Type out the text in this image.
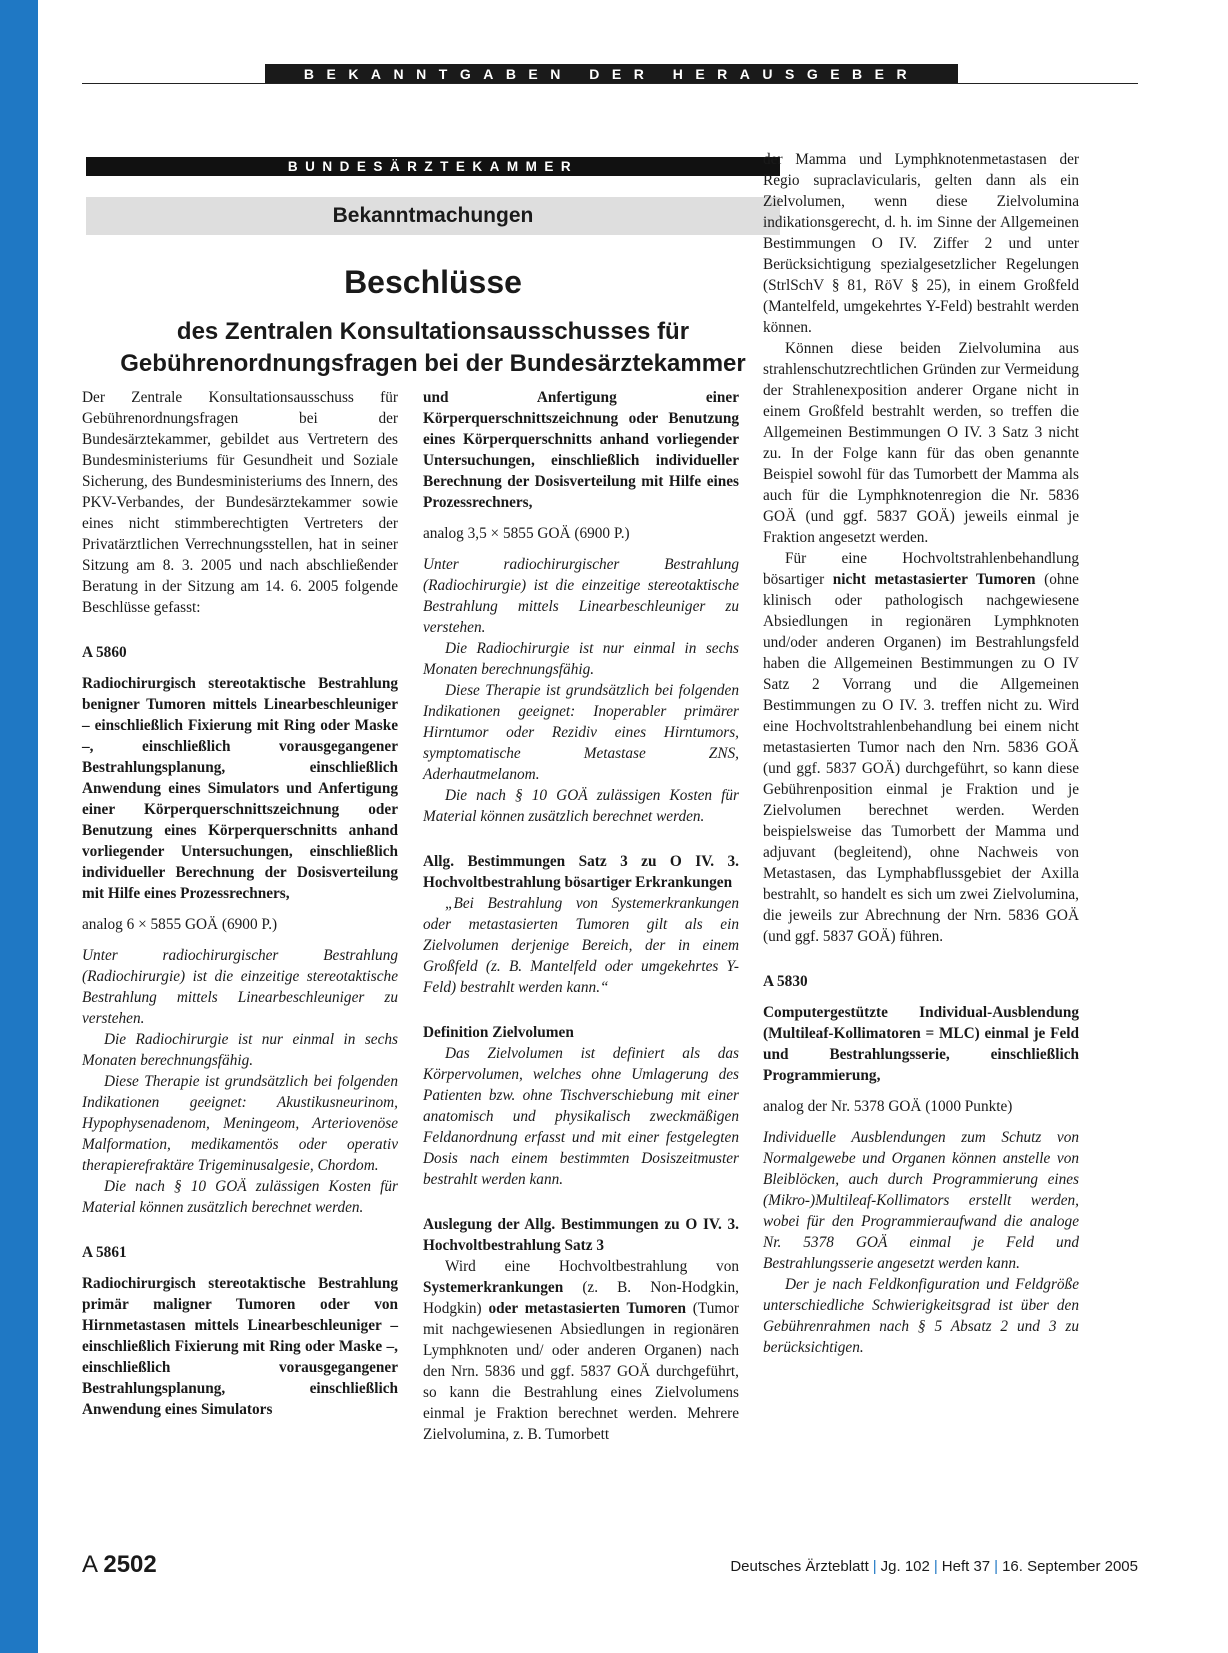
BEKANNTGABEN DER HERAUSGEBER
BUNDESÄRZTEKAMMER
Bekanntmachungen
Beschlüsse
des Zentralen Konsultationsausschusses für
Gebührenordnungsfragen bei der Bundesärztekammer

Der Zentrale Konsultationsausschuss für Gebührenordnungsfragen bei der Bundesärztekammer, gebildet aus Vertretern des Bundesministeriums für Gesundheit und Soziale Sicherung, des Bundesministeriums des Innern, des PKV-Verbandes, der Bundesärztekammer sowie eines nicht stimmberechtigten Vertreters der Privatärztlichen Verrechnungsstellen, hat in seiner Sitzung am 8. 3. 2005 und nach abschließender Beratung in der Sitzung am 14. 6. 2005 folgende Beschlüsse gefasst:

A 5860

Radiochirurgisch stereotaktische Bestrahlung benigner Tumoren mittels Linearbeschleuniger – einschließlich Fixierung mit Ring oder Maske –, einschließlich vorausgegangener Bestrahlungsplanung, einschließlich Anwendung eines Simulators und Anfertigung einer Körperquerschnittszeichnung oder Benutzung eines Körperquerschnitts anhand vorliegender Untersuchungen, einschließlich individueller Berechnung der Dosisverteilung mit Hilfe eines Prozessrechners,

analog 6 × 5855 GOÄ (6900 P.)

Unter radiochirurgischer Bestrahlung (Radiochirurgie) ist die einzeitige stereotaktische Bestrahlung mittels Linearbeschleuniger zu verstehen.

Die Radiochirurgie ist nur einmal in sechs Monaten berechnungsfähig.

Diese Therapie ist grundsätzlich bei folgenden Indikationen geeignet: Akustikusneurinom, Hypophysenadenom, Meningeom, Arteriovenöse Malformation, medikamentös oder operativ therapierefraktäre Trigeminusalgesie, Chordom.

Die nach § 10 GOÄ zulässigen Kosten für Material können zusätzlich berechnet werden.

A 5861

Radiochirurgisch stereotaktische Bestrahlung primär maligner Tumoren oder von Hirnmetastasen mittels Linearbeschleuniger – einschließlich Fixierung mit Ring oder Maske –, einschließlich vorausgegangener Bestrahlungsplanung, einschließlich Anwendung eines Simulators

und Anfertigung einer Körperquerschnittszeichnung oder Benutzung eines Körperquerschnitts anhand vorliegender Untersuchungen, einschließlich individueller Berechnung der Dosisverteilung mit Hilfe eines Prozessrechners,

analog 3,5 × 5855 GOÄ (6900 P.)

Unter radiochirurgischer Bestrahlung (Radiochirurgie) ist die einzeitige stereotaktische Bestrahlung mittels Linearbeschleuniger zu verstehen.

Die Radiochirurgie ist nur einmal in sechs Monaten berechnungsfähig.

Diese Therapie ist grundsätzlich bei folgenden Indikationen geeignet: Inoperabler primärer Hirntumor oder Rezidiv eines Hirntumors, symptomatische Metastase ZNS, Aderhautmelanom.

Die nach § 10 GOÄ zulässigen Kosten für Material können zusätzlich berechnet werden.

Allg. Bestimmungen Satz 3 zu O IV. 3. Hochvoltbestrahlung bösartiger Erkrankungen

„Bei Bestrahlung von Systemerkrankungen oder metastasierten Tumoren gilt als ein Zielvolumen derjenige Bereich, der in einem Großfeld (z. B. Mantelfeld oder umgekehrtes Y-Feld) bestrahlt werden kann.“

Definition Zielvolumen

Das Zielvolumen ist definiert als das Körpervolumen, welches ohne Umlagerung des Patienten bzw. ohne Tischverschiebung mit einer anatomisch und physikalisch zweckmäßigen Feldanordnung erfasst und mit einer festgelegten Dosis nach einem bestimmten Dosiszeitmuster bestrahlt werden kann.

Auslegung der Allg. Bestimmungen zu O IV. 3. Hochvoltbestrahlung Satz 3

Wird eine Hochvoltbestrahlung von Systemerkrankungen (z. B. Non-Hodgkin, Hodgkin) oder metastasierten Tumoren (Tumor mit nachgewiesenen Absiedlungen in regionären Lymphknoten und/ oder anderen Organen) nach den Nrn. 5836 und ggf. 5837 GOÄ durchgeführt, so kann die Bestrahlung eines Zielvolumens einmal je Fraktion berechnet werden. Mehrere Zielvolumina, z. B. Tumorbett

der Mamma und Lymphknotenmetastasen der Regio supraclavicularis, gelten dann als ein Zielvolumen, wenn diese Zielvolumina indikationsgerecht, d. h. im Sinne der Allgemeinen Bestimmungen O IV. Ziffer 2 und unter Berücksichtigung spezialgesetzlicher Regelungen (StrlSchV § 81, RöV § 25), in einem Großfeld (Mantelfeld, umgekehrtes Y-Feld) bestrahlt werden können.

Können diese beiden Zielvolumina aus strahlenschutzrechtlichen Gründen zur Vermeidung der Strahlenexposition anderer Organe nicht in einem Großfeld bestrahlt werden, so treffen die Allgemeinen Bestimmungen O IV. 3 Satz 3 nicht zu. In der Folge kann für das oben genannte Beispiel sowohl für das Tumorbett der Mamma als auch für die Lymphknotenregion die Nr. 5836 GOÄ (und ggf. 5837 GOÄ) jeweils einmal je Fraktion angesetzt werden.

Für eine Hochvoltstrahlenbehandlung bösartiger nicht metastasierter Tumoren (ohne klinisch oder pathologisch nachgewiesene Absiedlungen in regionären Lymphknoten und/oder anderen Organen) im Bestrahlungsfeld haben die Allgemeinen Bestimmungen zu O IV Satz 2 Vorrang und die Allgemeinen Bestimmungen zu O IV. 3. treffen nicht zu. Wird eine Hochvoltstrahlenbehandlung bei einem nicht metastasierten Tumor nach den Nrn. 5836 GOÄ (und ggf. 5837 GOÄ) durchgeführt, so kann diese Gebührenposition einmal je Fraktion und je Zielvolumen berechnet werden. Werden beispielsweise das Tumorbett der Mamma und adjuvant (begleitend), ohne Nachweis von Metastasen, das Lymphabflussgebiet der Axilla bestrahlt, so handelt es sich um zwei Zielvolumina, die jeweils zur Abrechnung der Nrn. 5836 GOÄ (und ggf. 5837 GOÄ) führen.

A 5830

Computergestützte Individual-Ausblendung (Multileaf-Kollimatoren = MLC) einmal je Feld und Bestrahlungsserie, einschließlich Programmierung,

analog der Nr. 5378 GOÄ (1000 Punkte)

Individuelle Ausblendungen zum Schutz von Normalgewebe und Organen können anstelle von Bleiblöcken, auch durch Programmierung eines (Mikro-)Multileaf-Kollimators erstellt werden, wobei für den Programmieraufwand die analoge Nr. 5378 GOÄ einmal je Feld und Bestrahlungsserie angesetzt werden kann.

Der je nach Feldkonfiguration und Feldgröße unterschiedliche Schwierigkeitsgrad ist über den Gebührenrahmen nach § 5 Absatz 2 und 3 zu berücksichtigen.

A 2502	Deutsches Ärzteblatt | Jg. 102 | Heft 37 | 16. September 2005
